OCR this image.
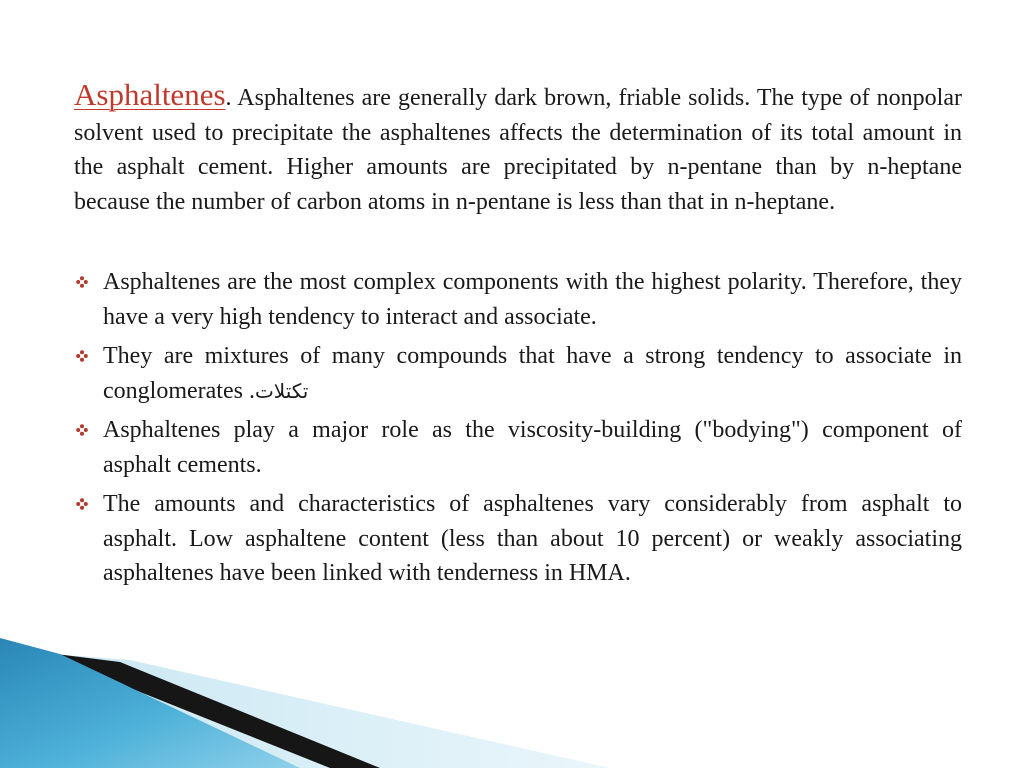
Asphaltenes. Asphaltenes are generally dark brown, friable solids. The type of nonpolar solvent used to precipitate the asphaltenes affects the determination of its total amount in the asphalt cement. Higher amounts are precipitated by n-pentane than by n-heptane because the number of carbon atoms in n-pentane is less than that in n-heptane.

Asphaltenes are the most complex components with the highest polarity. Therefore, they have a very high tendency to interact and associate.
They are mixtures of many compounds that have a strong tendency to associate in conglomerates .تكتلات
Asphaltenes play a major role as the viscosity-building ("bodying") component of asphalt cements.
The amounts and characteristics of asphaltenes vary considerably from asphalt to asphalt. Low asphaltene content (less than about 10 percent) or weakly associating asphaltenes have been linked with tenderness in HMA.
